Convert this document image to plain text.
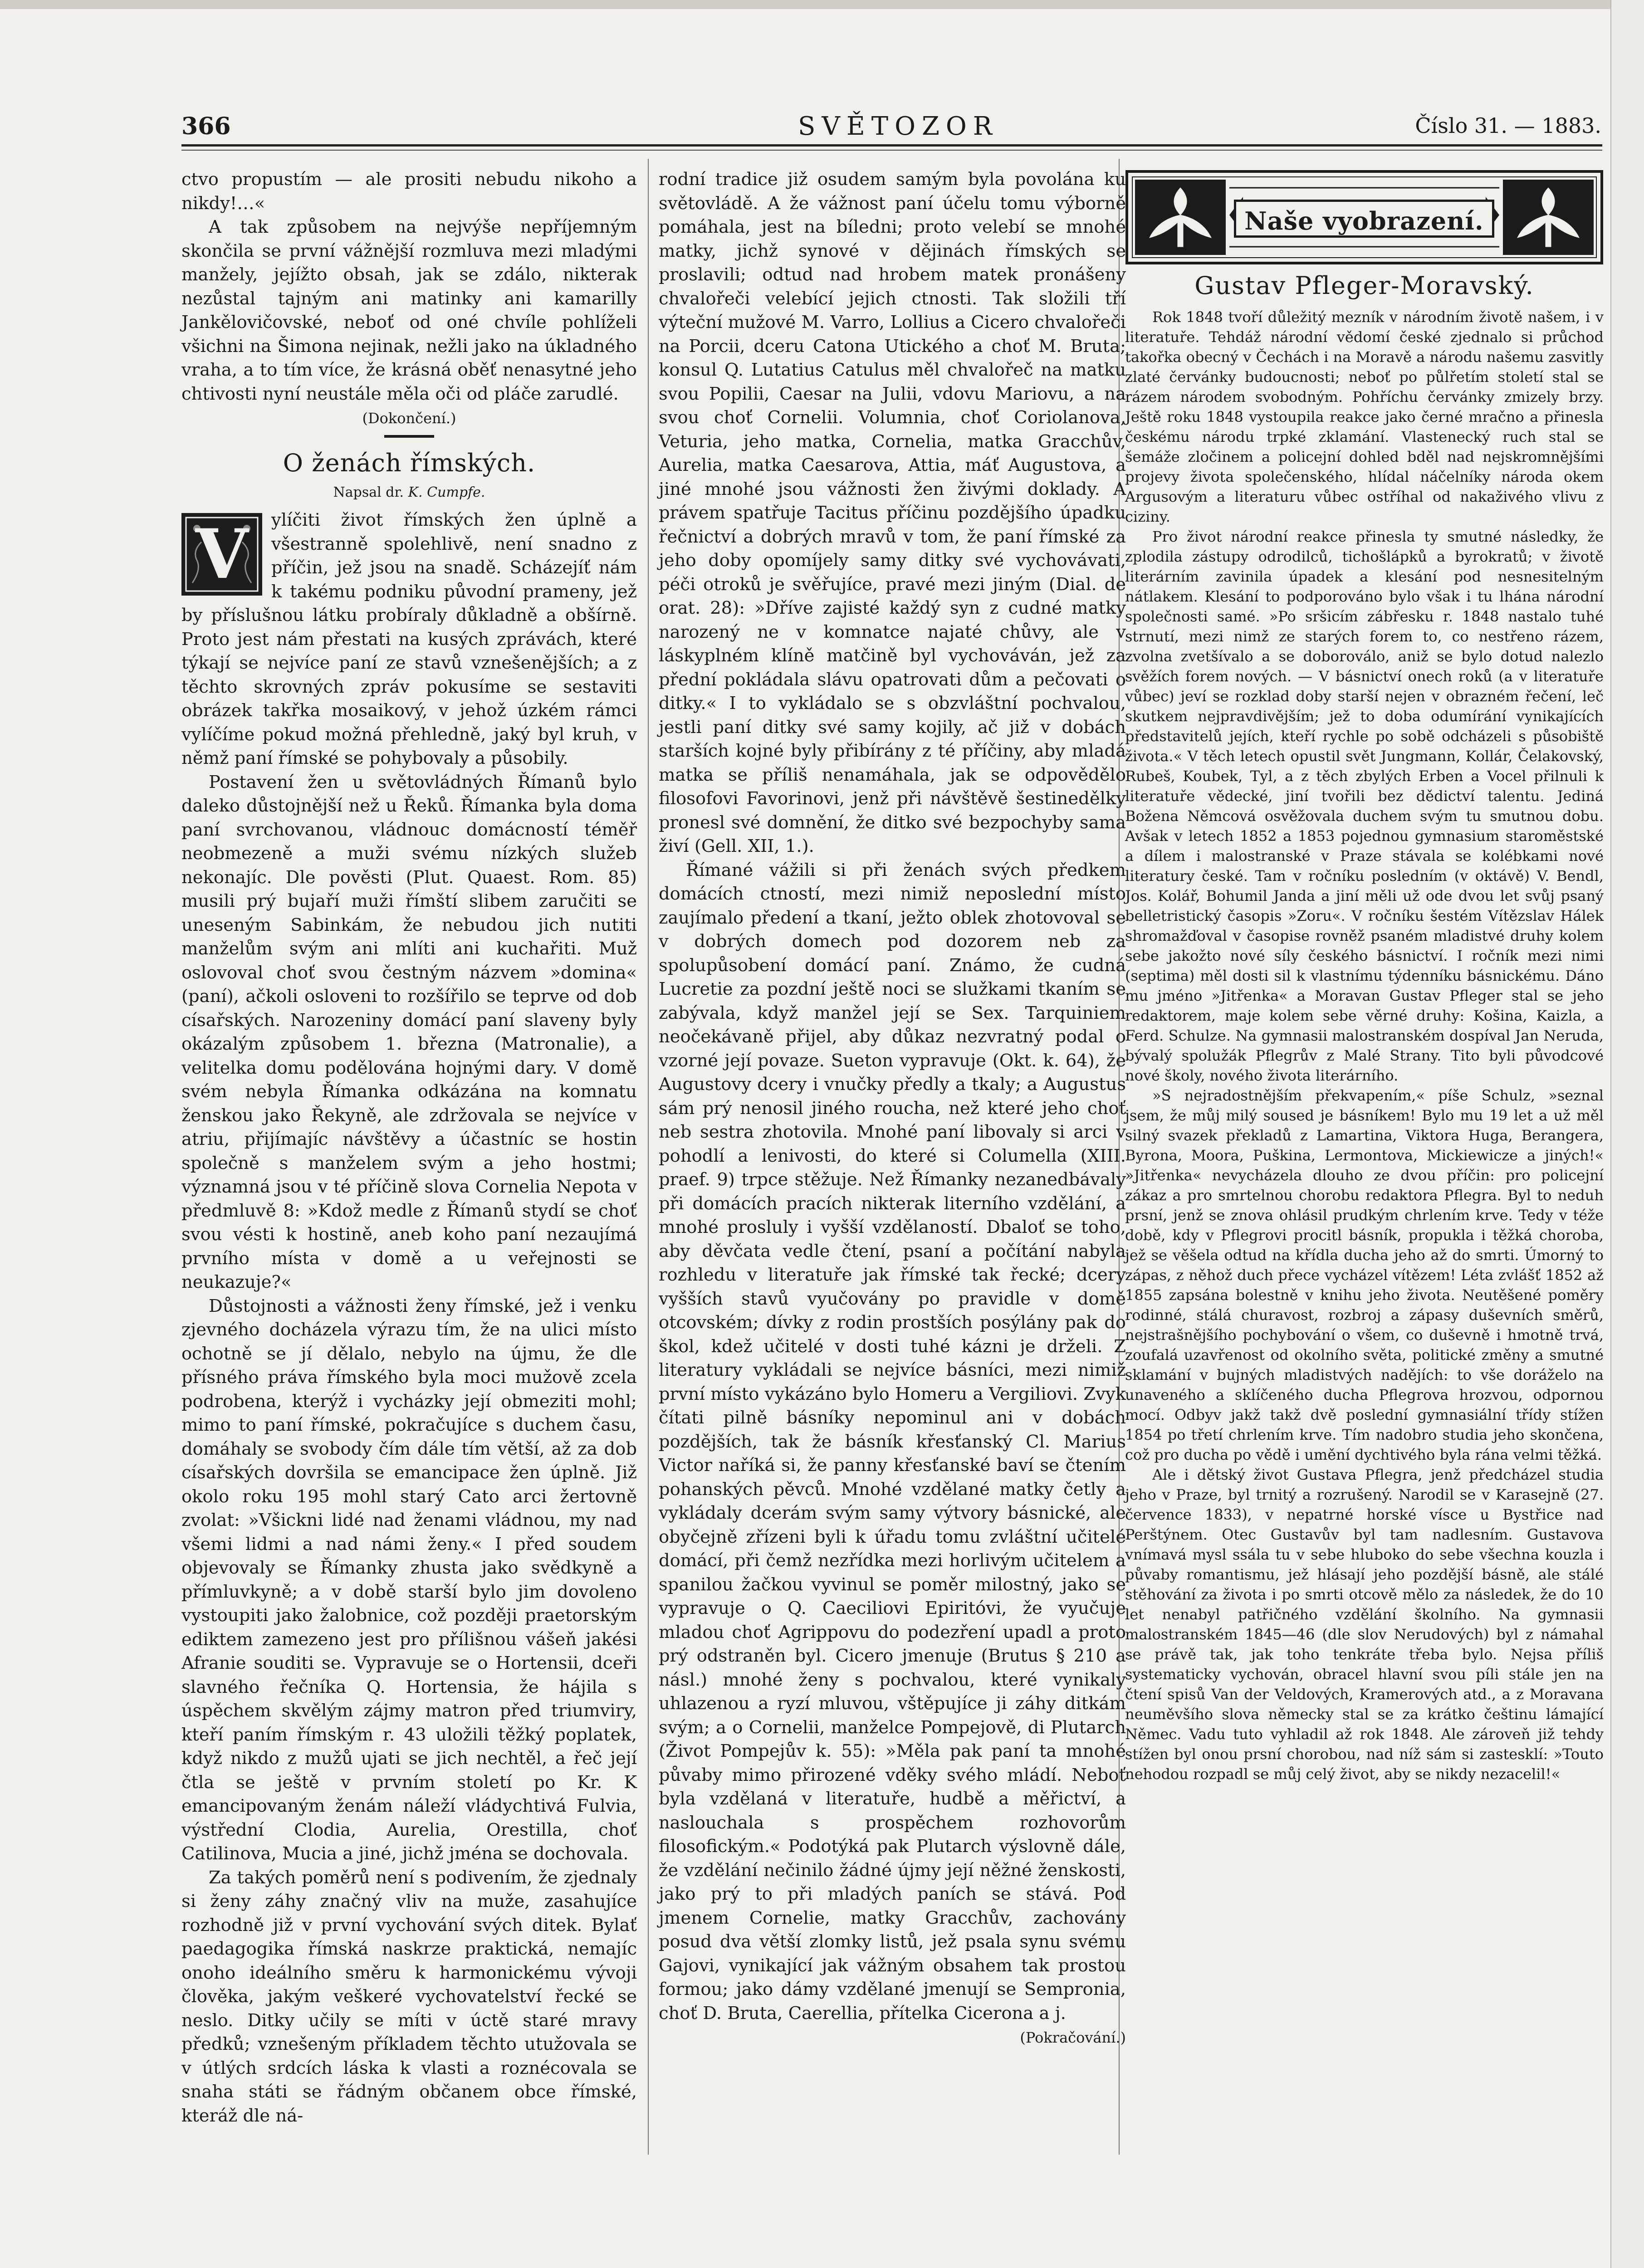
366	SVĚTOZOR	Číslo 31. — 1883.

ctvo propustím — ale prositi nebudu nikoho a nikdy!…«

A tak způsobem na nejvýše nepříjemným skončila se první vážnější rozmluva mezi mladými manžely, jejížto obsah, jak se zdálo, nikterak nezůstal tajným ani matinky ani kamarilly Jankělovičovské, neboť od oné chvíle pohlíželi všichni na Šimona nejinak, nežli jako na úkladného vraha, a to tím více, že krásná oběť nenasytné jeho chtivosti nyní neustále měla oči od pláče zarudlé.

(Dokončení.)
O ženách římských.
Napsal dr. K. Cumpfe.
V	ylíčiti život římských žen úplně a všestranně spolehlivě, není snadno z příčin, jež jsou na snadě. Scházejíť nám k takému podniku původní prameny, jež by příslušnou látku probíraly důkladně a obšírně. Proto jest nám přestati na kusých zprávách, které týkají se nejvíce paní ze stavů vznešenějších; a z těchto skrovných zpráv pokusíme se sestaviti obrázek takřka mosaikový, v jehož úzkém rámci vylíčíme pokud možná přehledně, jaký byl kruh, v němž paní římské se pohybovaly a působily.

Postavení žen u světovládných Římanů bylo daleko důstojnější než u Řeků. Římanka byla doma paní svrchovanou, vládnouc domácností téměř neobmezeně a muži svému nízkých služeb nekonajíc. Dle pověsti (Plut. Quaest. Rom. 85) musili prý bujaří muži římští slibem zaručiti se uneseným Sabinkám, že nebudou jich nutiti manželům svým ani mlíti ani kuchařiti. Muž oslovoval choť svou čestným názvem »domina« (paní), ačkoli osloveni to rozšířilo se teprve od dob císařských. Narozeniny domácí paní slaveny byly okázalým způsobem 1. března (Matronalie), a velitelka domu podělována hojnými dary. V domě svém nebyla Římanka odkázána na komnatu ženskou jako Řekyně, ale zdržovala se nejvíce v atriu, přijímajíc návštěvy a účastníc se hostin společně s manželem svým a jeho hostmi; významná jsou v té příčině slova Cornelia Nepota v předmluvě 8: »Kdož medle z Římanů stydí se choť svou vésti k hostině, aneb koho paní nezaujímá prvního místa v domě a u veřejnosti se neukazuje?«

Důstojnosti a vážnosti ženy římské, jež i venku zjevného docházela výrazu tím, že na ulici místo ochotně se jí dělalo, nebylo na újmu, že dle přísného práva římského byla moci mužově zcela podrobena, kterýž i vycházky její obmeziti mohl; mimo to paní římské, pokračujíce s duchem času, domáhaly se svobody čím dále tím větší, až za dob císařských dovršila se emancipace žen úplně. Již okolo roku 195 mohl starý Cato arci žertovně zvolat: »Všickni lidé nad ženami vládnou, my nad všemi lidmi a nad námi ženy.« I před soudem objevovaly se Římanky zhusta jako svědkyně a přímluvkyně; a v době starší bylo jim dovoleno vystoupiti jako žalobnice, což později praetorským ediktem zamezeno jest pro přílišnou vášeň jakési Afranie souditi se. Vypravuje se o Hortensii, dceři slavného řečníka Q. Hortensia, že hájila s úspěchem skvělým zájmy matron před triumviry, kteří paním římským r. 43 uložili těžký poplatek, když nikdo z mužů ujati se jich nechtěl, a řeč její čtla se ještě v prvním století po Kr. K emancipovaným ženám náleží vládychtivá Fulvia, výstřední Clodia, Aurelia, Orestilla, choť Catilinova, Mucia a jiné, jichž jména se dochovala.

Za takých poměrů není s podivením, že zjednaly si ženy záhy značný vliv na muže, zasahujíce rozhodně již v první vychování svých ditek. Bylať paedagogika římská naskrze praktická, nemajíc onoho ideálního směru k harmonickému vývoji člověka, jakým veškeré vychovatelství řecké se neslo. Ditky učily se míti v úctě staré mravy předků; vznešeným příkladem těchto utužovala se v útlých srdcích láska k vlasti a roznécovala se snaha státi se řádným občanem obce římské, kteráž dle ná-

rodní tradice již osudem samým byla povolána ku světovládě. A že vážnost paní účelu tomu výborně pomáhala, jest na bíledni; proto velebí se mnohé matky, jichž synové v dějinách římských se proslavili; odtud nad hrobem matek pronášeny chvalořeči velebící jejich ctnosti. Tak složili tří výteční mužové M. Varro, Lollius a Cicero chvalořeči na Porcii, dceru Catona Utického a choť M. Bruta; konsul Q. Lutatius Catulus měl chvalořeč na matku svou Popilii, Caesar na Julii, vdovu Mariovu, a na svou choť Cornelii. Volumnia, choť Coriolanova, Veturia, jeho matka, Cornelia, matka Gracchův, Aurelia, matka Caesarova, Attia, máť Augustova, a jiné mnohé jsou vážnosti žen živými doklady. A právem spatřuje Tacitus příčinu pozdějšího úpadku řečnictví a dobrých mravů v tom, že paní římské za jeho doby opomíjely samy ditky své vychovávati, péči otroků je svěřujíce, pravé mezi jiným (Dial. de orat. 28): »Dříve zajisté každý syn z cudné matky narozený ne v komnatce najaté chůvy, ale v láskyplném klíně matčině byl vychováván, jež za přední pokládala slávu opatrovati dům a pečovati o ditky.« I to vykládalo se s obzvláštní pochvalou, jestli paní ditky své samy kojily, ač již v dobách starších kojné byly přibírány z té příčiny, aby mladá matka se příliš nenamáhala, jak se odpovědělo filosofovi Favorinovi, jenž při návštěvě šestinedělky pronesl své domnění, že ditko své bezpochyby sama živí (Gell. XII, 1.).

Římané vážili si při ženách svých předkem domácích ctností, mezi nimiž neposlední místo zaujímalo předení a tkaní, ježto oblek zhotovoval se v dobrých domech pod dozorem neb za spolupůsobení domácí paní. Známo, že cudná Lucretie za pozdní ještě noci se služkami tkaním se zabývala, když manžel její se Sex. Tarquiniem neočekávaně přijel, aby důkaz nezvratný podal o vzorné její povaze. Sueton vypravuje (Okt. k. 64), že Augustovy dcery i vnučky předly a tkaly; a Augustus sám prý nenosil jiného roucha, než které jeho choť neb sestra zhotovila. Mnohé paní libovaly si arci v pohodlí a lenivosti, do které si Columella (XIII. praef. 9) trpce stěžuje. Než Římanky nezanedbávaly při domácích pracích nikterak literního vzdělání, a mnohé prosluly i vyšší vzdělaností. Dbaloť se toho, aby děvčata vedle čtení, psaní a počítání nabyla rozhledu v literatuře jak římské tak řecké; dcery vyšších stavů vyučovány po pravidle v domě otcovském; dívky z rodin prostších posýlány pak do škol, kdež učitelé v dosti tuhé kázni je drželi. Z literatury vykládali se nejvíce básníci, mezi nimiž první místo vykázáno bylo Homeru a Vergiliovi. Zvyk čítati pilně básníky nepominul ani v dobách pozdějších, tak že básník křesťanský Cl. Marius Victor naříká si, že panny křesťanské baví se čtením pohanských pěvců. Mnohé vzdělané matky četly a vykládaly dcerám svým samy výtvory básnické, ale obyčejně zřízeni byli k úřadu tomu zvláštní učitelé domácí, při čemž nezřídka mezi horlivým učitelem a spanilou žačkou vyvinul se poměr milostný, jako se vypravuje o Q. Caeciliovi Epiritóvi, že vyučuje mladou choť Agrippovu do podezření upadl a proto prý odstraněn byl. Cicero jmenuje (Brutus § 210 a násl.) mnohé ženy s pochvalou, které vynikaly uhlazenou a ryzí mluvou, vštěpujíce ji záhy ditkám svým; a o Cornelii, manželce Pompejově, di Plutarch (Život Pompejův k. 55): »Měla pak paní ta mnohé půvaby mimo přirozené vděky svého mládí. Neboť byla vzdělaná v literatuře, hudbě a měřictví, a naslouchala s prospěchem rozhovorům filosofickým.« Podotýká pak Plutarch výslovně dále, že vzdělání nečinilo žádné újmy její něžné ženskosti, jako prý to při mladých paních se stává. Pod jmenem Cornelie, matky Gracchův, zachovány posud dva větší zlomky listů, jež psala synu svému Gajovi, vynikající jak vážným obsahem tak prostou formou; jako dámy vzdělané jmenují se Sempronia, choť D. Bruta, Caerellia, přítelka Cicerona a j.

(Pokračování.)
Naše vyobrazení.
Gustav Pfleger-Moravský.

Rok 1848 tvoří důležitý mezník v národním životě našem, i v literatuře. Tehdáž národní vědomí české zjednalo si průchod takořka obecný v Čechách i na Moravě a národu našemu zasvitly zlaté červánky budoucnosti; neboť po půlřetím století stal se rázem národem svobodným. Pohříchu červánky zmizely brzy. Ještě roku 1848 vystoupila reakce jako černé mračno a přinesla českému národu trpké zklamání. Vlastenecký ruch stal se šemáže zločinem a policejní dohled bděl nad nejskromnějšími projevy života společenského, hlídal náčelníky národa okem Argusovým a literaturu vůbec ostříhal od nakaživého vlivu z ciziny.

Pro život národní reakce přinesla ty smutné následky, že zplodila zástupy odrodilců, tichošlápků a byrokratů; v životě literárním zavinila úpadek a klesání pod nesnesitelným nátlakem. Klesání to podporováno bylo však i tu lhána národní společnosti samé. »Po sršicím zábřesku r. 1848 nastalo tuhé strnutí, mezi nimž ze starých forem to, co nestřeno rázem, zvolna zvetšívalo a se doboroválo, aniž se bylo dotud nalezlo svěžích forem nových. — V básnictví onech roků (a v literatuře vůbec) jeví se rozklad doby starší nejen v obrazném řečení, leč skutkem nejpravdivějším; jež to doba odumírání vynikajících představitelů jejích, kteří rychle po sobě odcházeli s působiště života.« V těch letech opustil svět Jungmann, Kollár, Čelakovský, Rubeš, Koubek, Tyl, a z těch zbylých Erben a Vocel přilnuli k literatuře vědecké, jiní tvořili bez dědictví talentu. Jediná Božena Němcová osvěžovala duchem svým tu smutnou dobu. Avšak v letech 1852 a 1853 pojednou gymnasium staroměstské a dílem i malostranské v Praze stávala se kolébkami nové literatury české. Tam v ročníku posledním (v oktávě) V. Bendl, Jos. Kolář, Bohumil Janda a jiní měli už ode dvou let svůj psaný belletristický časopis »Zoru«. V ročníku šestém Vítězslav Hálek shromažďoval v časopise rovněž psaném mladistvé druhy kolem sebe jakožto nové síly českého básnictví. I ročník mezi nimi (septima) měl dosti sil k vlastnímu týdenníku básnickému. Dáno mu jméno »Jitřenka« a Moravan Gustav Pfleger stal se jeho redaktorem, maje kolem sebe věrné druhy: Košina, Kaizla, a Ferd. Schulze. Na gymnasii malostranském dospíval Jan Neruda, bývalý spolužák Pflegrův z Malé Strany. Tito byli původcové nové školy, nového života literárního.

»S nejradostnějším překvapením,« píše Schulz, »seznal jsem, že můj milý soused je básníkem! Bylo mu 19 let a už měl silný svazek překladů z Lamartina, Viktora Huga, Berangera, Byrona, Moora, Puškina, Lermontova, Mickiewicze a jiných!« »Jitřenka« nevycházela dlouho ze dvou příčin: pro policejní zákaz a pro smrtelnou chorobu redaktora Pflegra. Byl to neduh prsní, jenž se znova ohlásil prudkým chrlením krve. Tedy v téže době, kdy v Pflegrovi procitl básník, propukla i těžká choroba, jež se věšela odtud na křídla ducha jeho až do smrti. Úmorný to zápas, z něhož duch přece vycházel vítězem! Léta zvlášť 1852 až 1855 zapsána bolestně v knihu jeho života. Neutěšené poměry rodinné, stálá churavost, rozbroj a zápasy duševních směrů, nejstrašnějšího pochybování o všem, co duševně i hmotně trvá, zoufalá uzavřenost od okolního světa, politické změny a smutné sklamání v bujných mladistvých nadějích: to vše doráželo na unaveného a sklíčeného ducha Pflegrova hrozvou, odpornou mocí. Odbyv jakž takž dvě poslední gymnasiální třídy stížen 1854 po třetí chrlením krve. Tím nadobro studia jeho skončena, což pro ducha po vědě i umění dychtivého byla rána velmi těžká.

Ale i dětský život Gustava Pflegra, jenž předcházel studia jeho v Praze, byl trnitý a rozrušený. Narodil se v Karasejně (27. července 1833), v nepatrné horské vísce u Bystřice nad Perštýnem. Otec Gustavův byl tam nadlesním. Gustavova vnímavá mysl ssála tu v sebe hluboko do sebe všechna kouzla i půvaby romantismu, jež hlásají jeho pozdější básně, ale stálé stěhování za života i po smrti otcově mělo za následek, že do 10 let nenabyl patřičného vzdělání školního. Na gymnasii malostranském 1845—46 (dle slov Nerudových) byl z námahal se právě tak, jak toho tenkráte třeba bylo. Nejsa příliš systematicky vychován, obracel hlavní svou píli stále jen na čtení spisů Van der Veldových, Kramerových atd., a z Moravana neuměvšího slova německy stal se za krátko češtinu lámající Němec. Vadu tuto vyhladil až rok 1848. Ale zároveň již tehdy stížen byl onou prsní chorobou, nad níž sám si zastesklí: »Touto nehodou rozpadl se můj celý život, aby se nikdy nezacelil!«
